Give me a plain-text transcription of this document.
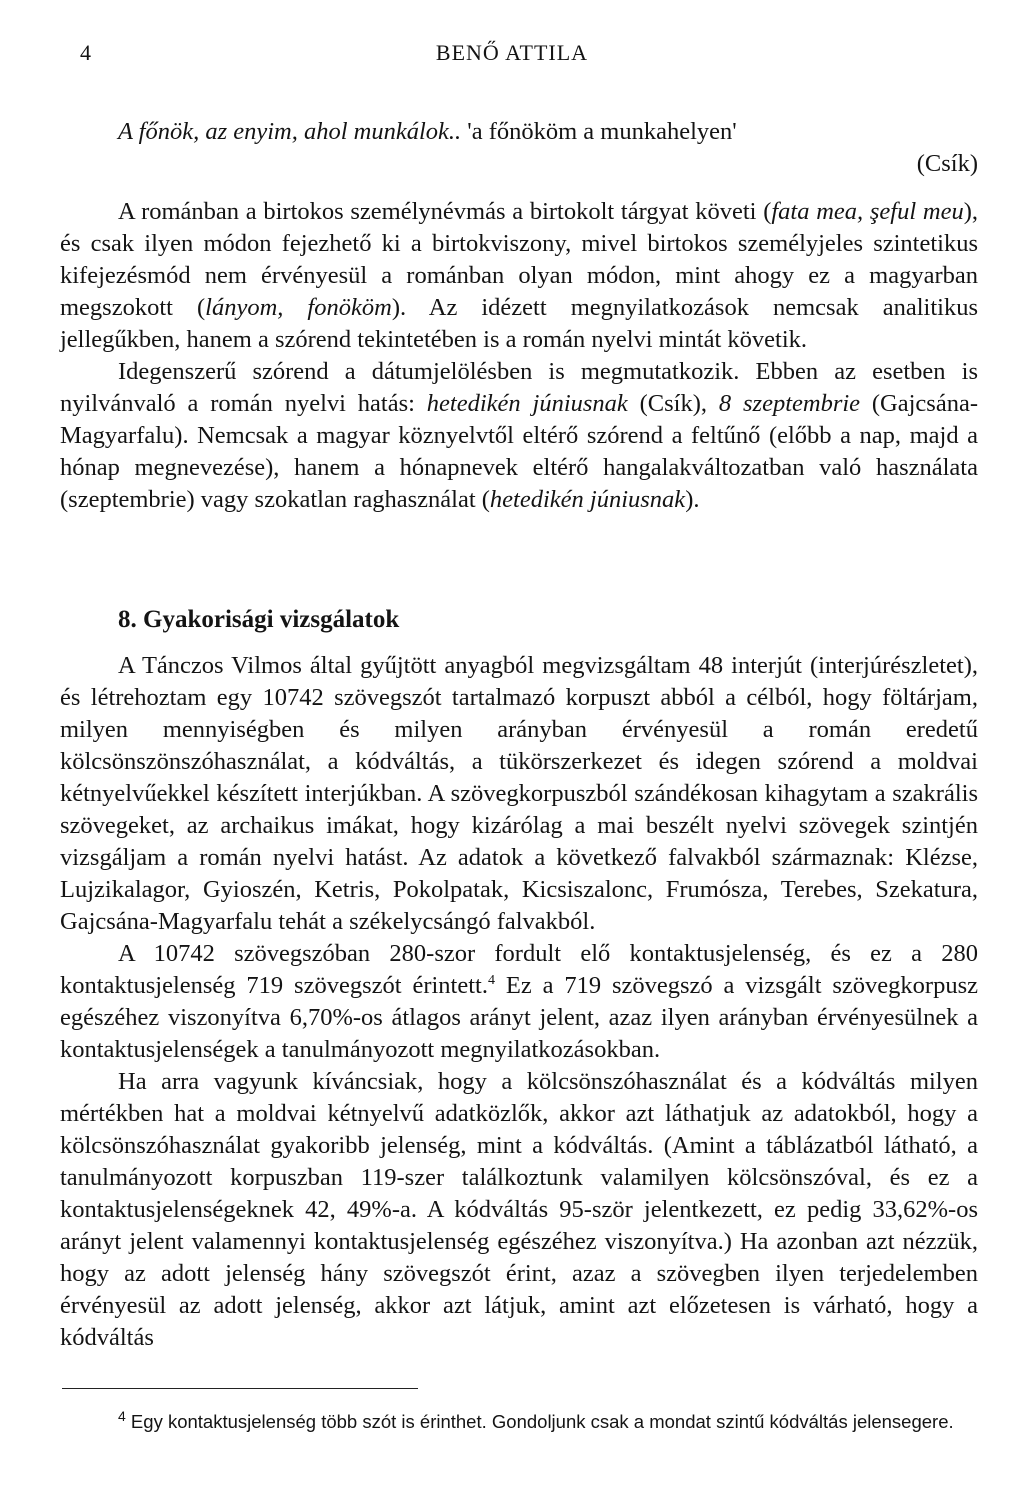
4	BENŐ ATTILA
A főnök, az enyim, ahol munkálok.. 'a főnököm a munkahelyen'
(Csík)

A románban a birtokos személynévmás a birtokolt tárgyat követi (fata mea, şeful meu), és csak ilyen módon fejezhető ki a birtokviszony, mivel birtokos személyjeles szintetikus kifejezésmód nem érvényesül a románban olyan módon, mint ahogy ez a magyarban megszokott (lányom, fonököm). Az idézett megnyilatkozások nemcsak analitikus jellegűkben, hanem a szórend tekintetében is a román nyelvi mintát követik.

Idegenszerű szórend a dátumjelölésben is megmutatkozik. Ebben az esetben is nyilvánvaló a román nyelvi hatás: hetedikén júniusnak (Csík), 8 szeptembrie (Gajcsána-Magyarfalu). Nemcsak a magyar köznyelvtől eltérő szórend a feltűnő (előbb a nap, majd a hónap megnevezése), hanem a hónapnevek eltérő hangalakváltozatban való használata (szeptembrie) vagy szokatlan raghasználat (hetedikén júniusnak).

8. Gyakorisági vizsgálatok

A Tánczos Vilmos által gyűjtött anyagból megvizsgáltam 48 interjút (interjúrészletet), és létrehoztam egy 10742 szövegszót tartalmazó korpuszt abból a célból, hogy föltárjam, milyen mennyiségben és milyen arányban érvényesül a román eredetű kölcsönszönszóhasználat, a kódváltás, a tükörszerkezet és idegen szórend a moldvai kétnyelvűekkel készített interjúkban. A szövegkorpuszból szándékosan kihagytam a szakrális szövegeket, az archaikus imákat, hogy kizárólag a mai beszélt nyelvi szövegek szintjén vizsgáljam a román nyelvi hatást. Az adatok a következő falvakból származnak: Klézse, Lujzikalagor, Gyioszén, Ketris, Pokolpatak, Kicsiszalonc, Frumósza, Terebes, Szekatura, Gajcsána-Magyarfalu tehát a székelycsángó falvakból.

A 10742 szövegszóban 280-szor fordult elő kontaktusjelenség, és ez a 280 kontaktusjelenség 719 szövegszót érintett.$^4$ Ez a 719 szövegszó a vizsgált szövegkorpusz egészéhez viszonyítva 6,70%-os átlagos arányt jelent, azaz ilyen arányban érvényesülnek a kontaktusjelenségek a tanulmányozott megnyilatkozásokban.

Ha arra vagyunk kíváncsiak, hogy a kölcsönszóhasználat és a kódváltás milyen mértékben hat a moldvai kétnyelvű adatközlők, akkor azt láthatjuk az adatokból, hogy a kölcsönszóhasználat gyakoribb jelenség, mint a kódváltás. (Amint a táblázatból látható, a tanulmányozott korpuszban 119-szer találkoztunk valamilyen kölcsönszóval, és ez a kontaktusjelenségeknek 42, 49%-a. A kódváltás 95-ször jelentkezett, ez pedig 33,62%-os arányt jelent valamennyi kontaktusjelenség egészéhez viszonyítva.) Ha azonban azt nézzük, hogy az adott jelenség hány szövegszót érint, azaz a szövegben ilyen terjedelemben érvényesül az adott jelenség, akkor azt látjuk, amint azt előzetesen is várható, hogy a kódváltás

$^4$ Egy kontaktusjelenség több szót is érinthet. Gondoljunk csak a mondat szintű kódváltás jelensegere.
